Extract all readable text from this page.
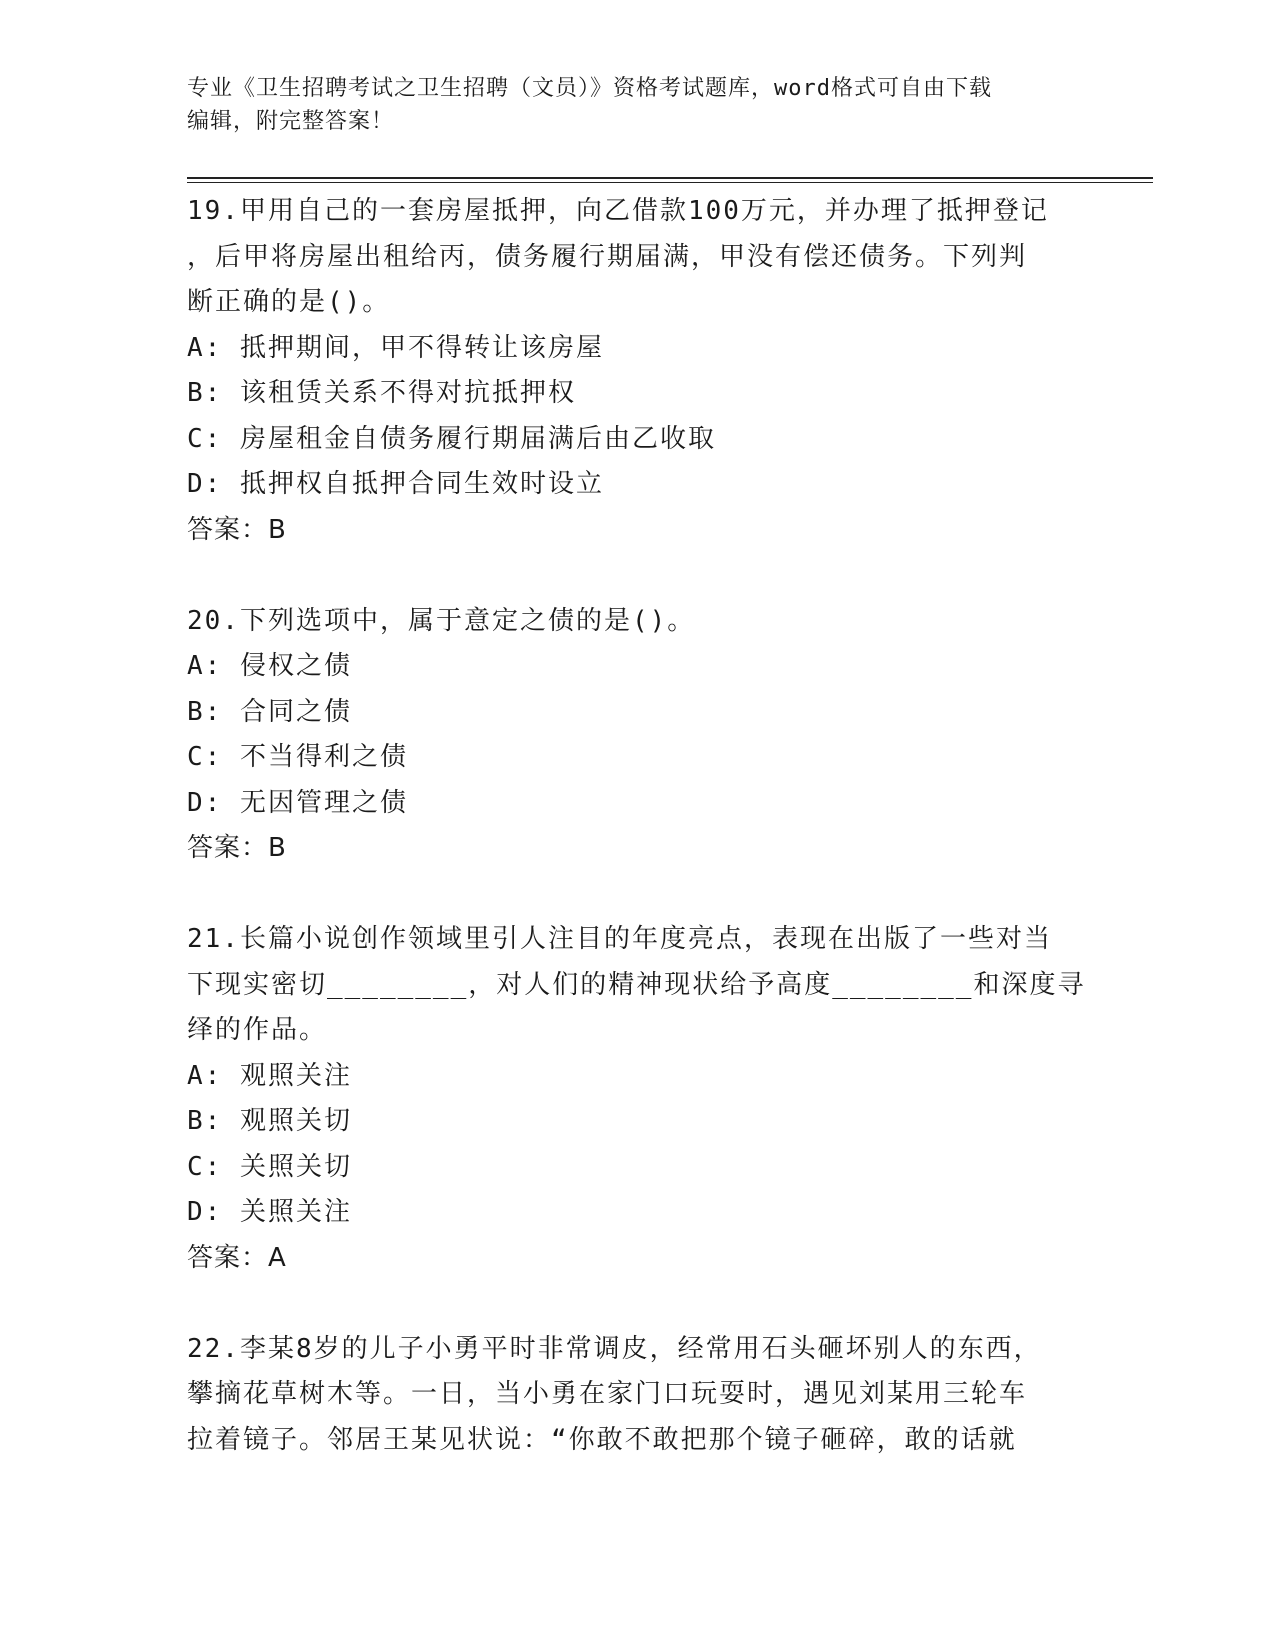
专业《卫生招聘考试之卫生招聘（文员）》资格考试题库，word格式可自由下载
编辑，附完整答案！
19.甲用自己的一套房屋抵押，向乙借款100万元，并办理了抵押登记
，后甲将房屋出租给丙，债务履行期届满，甲没有偿还债务。下列判
断正确的是()。
A: 抵押期间，甲不得转让该房屋
B: 该租赁关系不得对抗抵押权
C: 房屋租金自债务履行期届满后由乙收取
D: 抵押权自抵押合同生效时设立
答案：B
20.下列选项中，属于意定之债的是()。
A: 侵权之债
B: 合同之债
C: 不当得利之债
D: 无因管理之债
答案：B
21.长篇小说创作领域里引人注目的年度亮点，表现在出版了一些对当
下现实密切________，对人们的精神现状给予高度________和深度寻
绎的作品。
A: 观照关注
B: 观照关切
C: 关照关切
D: 关照关注
答案：A
22.李某8岁的儿子小勇平时非常调皮，经常用石头砸坏别人的东西，
攀摘花草树木等。一日，当小勇在家门口玩耍时，遇见刘某用三轮车
拉着镜子。邻居王某见状说：“你敢不敢把那个镜子砸碎，敢的话就
